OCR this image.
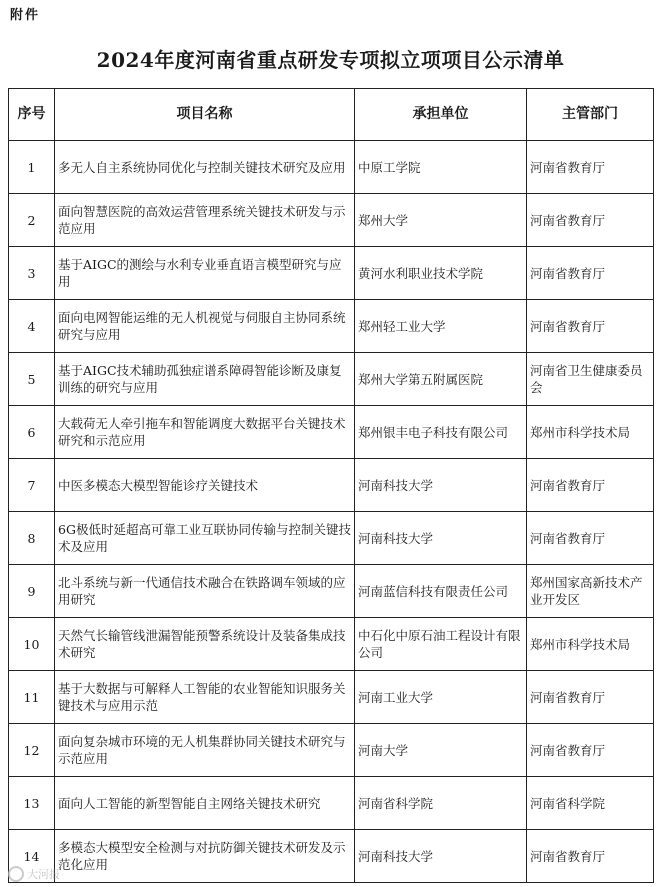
附件
2024年度河南省重点研发专项拟立项项目公示清单
序号	项目名称	承担单位	主管部门
1	多无人自主系统协同优化与控制关键技术研究及应用	中原工学院	河南省教育厅
2	面向智慧医院的高效运营管理系统关键技术研发与示范应用	郑州大学	河南省教育厅
3	基于AIGC的测绘与水利专业垂直语言模型研究与应用	黄河水利职业技术学院	河南省教育厅
4	面向电网智能运维的无人机视觉与伺服自主协同系统研究与应用	郑州轻工业大学	河南省教育厅
5	基于AIGC技术辅助孤独症谱系障碍智能诊断及康复训练的研究与应用	郑州大学第五附属医院	河南省卫生健康委员会
6	大载荷无人牵引拖车和智能调度大数据平台关键技术研究和示范应用	郑州银丰电子科技有限公司	郑州市科学技术局
7	中医多模态大模型智能诊疗关键技术	河南科技大学	河南省教育厅
8	6G极低时延超高可靠工业互联协同传输与控制关键技术及应用	河南科技大学	河南省教育厅
9	北斗系统与新一代通信技术融合在铁路调车领域的应用研究	河南蓝信科技有限责任公司	郑州国家高新技术产业开发区
10	天然气长输管线泄漏智能预警系统设计及装备集成技术研究	中石化中原石油工程设计有限公司	郑州市科学技术局
11	基于大数据与可解释人工智能的农业智能知识服务关键技术与应用示范	河南工业大学	河南省教育厅
12	面向复杂城市环境的无人机集群协同关键技术研究与示范应用	河南大学	河南省教育厅
13	面向人工智能的新型智能自主网络关键技术研究	河南省科学院	河南省科学院
14	多模态大模型安全检测与对抗防御关键技术研发及示范化应用	河南科技大学	河南省教育厅
大河报
